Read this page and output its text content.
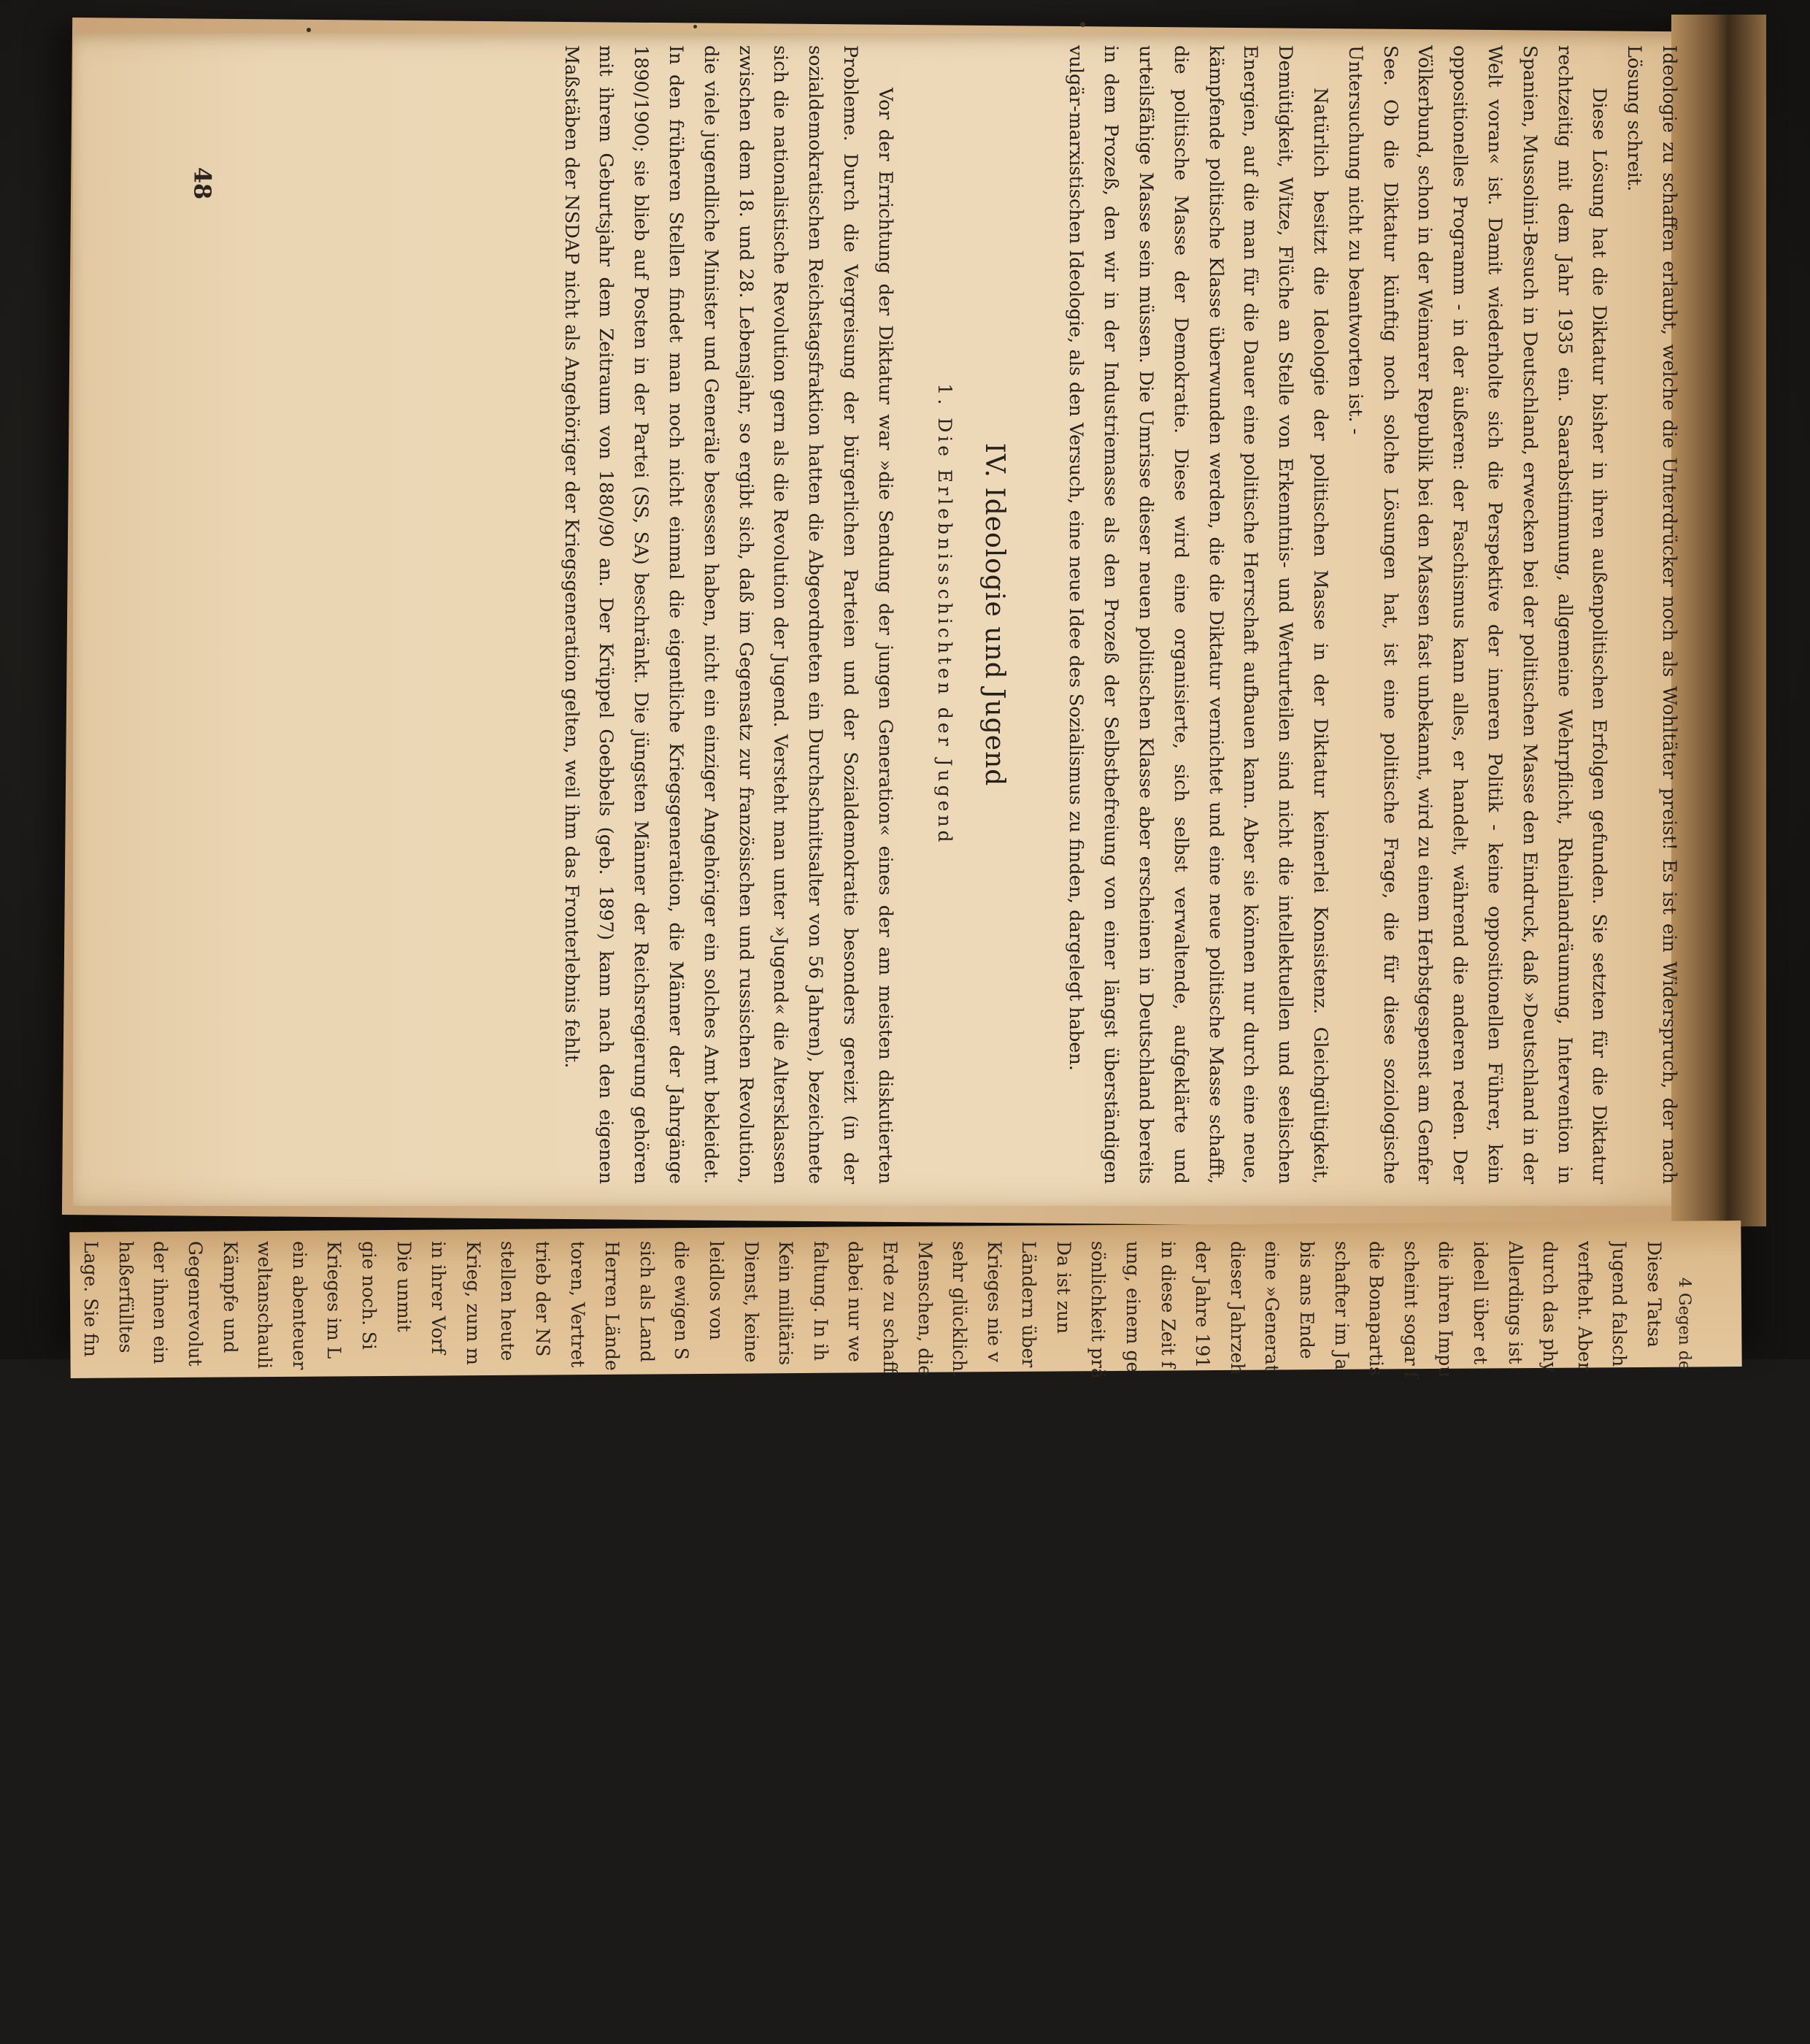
Ideologie zu schaffen erlaubt, welche die Unterdrücker noch als Wohltäter preist! Es ist ein Widerspruch, der nach Lösung schreit.

Diese Lösung hat die Diktatur bisher in ihren außenpolitischen Erfolgen gefunden. Sie setzten für die Diktatur rechtzeitig mit dem Jahr 1935 ein. Saarabstimmung, allgemeine Wehrpflicht, Rheinlandräumung, Intervention in Spanien, Mussolini-Besuch in Deutschland, erwecken bei der politischen Masse den Eindruck, daß »Deutschland in der Welt voran« ist. Damit wiederholte sich die Perspektive der inneren Politik - keine oppositionellen Führer, kein oppositionelles Programm - in der äußeren: der Faschismus kann alles, er handelt, während die anderen reden. Der Völkerbund, schon in der Weimarer Republik bei den Massen fast unbekannt, wird zu einem Herbstgespenst am Genfer See. Ob die Diktatur künftig noch solche Lösungen hat, ist eine politische Frage, die für diese soziologische Untersuchung nicht zu beantworten ist. -

Natürlich besitzt die Ideologie der politischen Masse in der Diktatur keinerlei Konsistenz. Gleichgültigkeit, Demütigkeit, Witze, Flüche an Stelle von Erkenntnis- und Werturteilen sind nicht die intellektuellen und seelischen Energien, auf die man für die Dauer eine politische Herrschaft aufbauen kann. Aber sie können nur durch eine neue, kämpfende politische Klasse überwunden werden, die die Diktatur vernichtet und eine neue politische Masse schafft, die politische Masse der Demokratie. Diese wird eine organisierte, sich selbst verwaltende, aufgeklärte und urteilsfähige Masse sein müssen. Die Umrisse dieser neuen politischen Klasse aber erscheinen in Deutschland bereits in dem Prozeß, den wir in der Industriemasse als den Prozeß der Selbstbefreiung von einer längst überständigen vulgär-marxistischen Ideologie, als den Versuch, eine neue Idee des Sozialismus zu finden, dargelegt haben.

IV. Ideologie und Jugend
1. Die Erlebnisschichten der Jugend

Vor der Errichtung der Diktatur war »die Sendung der jungen Generation« eines der am meisten diskutierten Probleme. Durch die Vergreisung der bürgerlichen Parteien und der Sozialdemokratie besonders gereizt (in der sozialdemokratischen Reichstagsfraktion hatten die Abgeordneten ein Durchschnittsalter von 56 Jahren), bezeichnete sich die nationalistische Revolution gern als die Revolution der Jugend. Versteht man unter »Jugend« die Altersklassen zwischen dem 18. und 28. Lebensjahr, so ergibt sich, daß im Gegensatz zur französischen und russischen Revolution, die viele jugendliche Minister und Generäle besessen haben, nicht ein einziger Angehöriger ein solches Amt bekleidet. In den früheren Stellen findet man noch nicht einmal die eigentliche Kriegsgeneration, die Männer der Jahrgänge 1890/1900; sie blieb auf Posten in der Partei (SS, SA) beschränkt. Die jüngsten Männer der Reichsregierung gehören mit ihrem Geburtsjahr dem Zeitraum von 1880/90 an. Der Krüppel Goebbels (geb. 1897) kann nach den eigenen Maßstäben der NSDAP nicht als Angehöriger der Kriegsgeneration gelten, weil ihm das Fronterlebnis fehlt.

48
Diese Tatsa
Jugend falsch
verfteht. Aber
durch das phy
Allerdings ist
ideell über et
die ihren Impu
scheint sogar f
die Bonapartis
schafter im Ja
bis ans Ende
eine »Generat
dieser Jahrzeh
der Jahre 191
in diese Zeit f
ung, einem ge
sönlichkeit prä
Da ist zun
Ländern über
Krieges nie v
sehr glücklich.
Menschen, die
Erde zu schaff
dabei nur we
faltung. In ih
Kein militäris
Dienst, keine
leidlos von
die ewigen S
sich als Land
Herren Lände
toren, Vertret
trieb der NS
stellen heute
Krieg, zum m
in ihrer Vorf
Die unmit
gie noch. Si
Krieges im L
ein abenteuer
weltanschauli
Kämpfe und
Gegenrevolut
der ihnen ein
haßerfülltes
Lage. Sie fin	4 Gegen de
